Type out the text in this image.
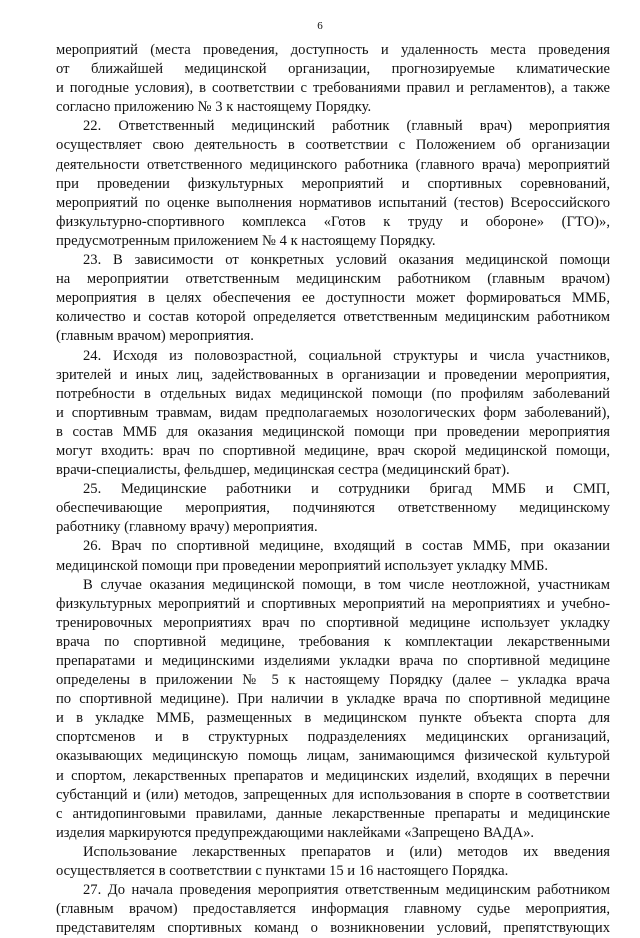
6
мероприятий (места проведения, доступность и удаленность места проведения
от ближайшей медицинской организации, прогнозируемые климатические
и погодные условия), в соответствии с требованиями правил и регламентов), а также
согласно приложению № 3 к настоящему Порядку.
22. Ответственный медицинский работник (главный врач) мероприятия
осуществляет свою деятельность в соответствии с Положением об организации
деятельности ответственного медицинского работника (главного врача) мероприятий
при проведении физкультурных мероприятий и спортивных соревнований,
мероприятий по оценке выполнения нормативов испытаний (тестов) Всероссийского
физкультурно-спортивного комплекса «Готов к труду и обороне» (ГТО)»,
предусмотренным приложением № 4 к настоящему Порядку.
23. В зависимости от конкретных условий оказания медицинской помощи
на мероприятии ответственным медицинским работником (главным врачом)
мероприятия в целях обеспечения ее доступности может формироваться ММБ,
количество и состав которой определяется ответственным медицинским работником
(главным врачом) мероприятия.
24. Исходя из половозрастной, социальной структуры и числа участников,
зрителей и иных лиц, задействованных в организации и проведении мероприятия,
потребности в отдельных видах медицинской помощи (по профилям заболеваний
и спортивным травмам, видам предполагаемых нозологических форм заболеваний),
в состав ММБ для оказания медицинской помощи при проведении мероприятия
могут входить: врач по спортивной медицине, врач скорой медицинской помощи,
врачи-специалисты, фельдшер, медицинская сестра (медицинский брат).
25. Медицинские работники и сотрудники бригад ММБ и СМП,
обеспечивающие мероприятия, подчиняются ответственному медицинскому
работнику (главному врачу) мероприятия.
26. Врач по спортивной медицине, входящий в состав ММБ, при оказании
медицинской помощи при проведении мероприятий использует укладку ММБ.
В случае оказания медицинской помощи, в том числе неотложной, участникам
физкультурных мероприятий и спортивных мероприятий на мероприятиях и учебно-
тренировочных мероприятиях врач по спортивной медицине использует укладку
врача по спортивной медицине, требования к комплектации лекарственными
препаратами и медицинскими изделиями укладки врача по спортивной медицине
определены в приложении № 5 к настоящему Порядку (далее – укладка врача
по спортивной медицине). При наличии в укладке врача по спортивной медицине
и в укладке ММБ, размещенных в медицинском пункте объекта спорта для
спортсменов и в структурных подразделениях медицинских организаций,
оказывающих медицинскую помощь лицам, занимающимся физической культурой
и спортом, лекарственных препаратов и медицинских изделий, входящих в перечни
субстанций и (или) методов, запрещенных для использования в спорте в соответствии
с антидопинговыми правилами, данные лекарственные препараты и медицинские
изделия маркируются предупреждающими наклейками «Запрещено ВАДА».
Использование лекарственных препаратов и (или) методов их введения
осуществляется в соответствии с пунктами 15 и 16 настоящего Порядка.
27. До начала проведения мероприятия ответственным медицинским работником
(главным врачом) предоставляется информация главному судье мероприятия,
представителям спортивных команд о возникновении условий, препятствующих
